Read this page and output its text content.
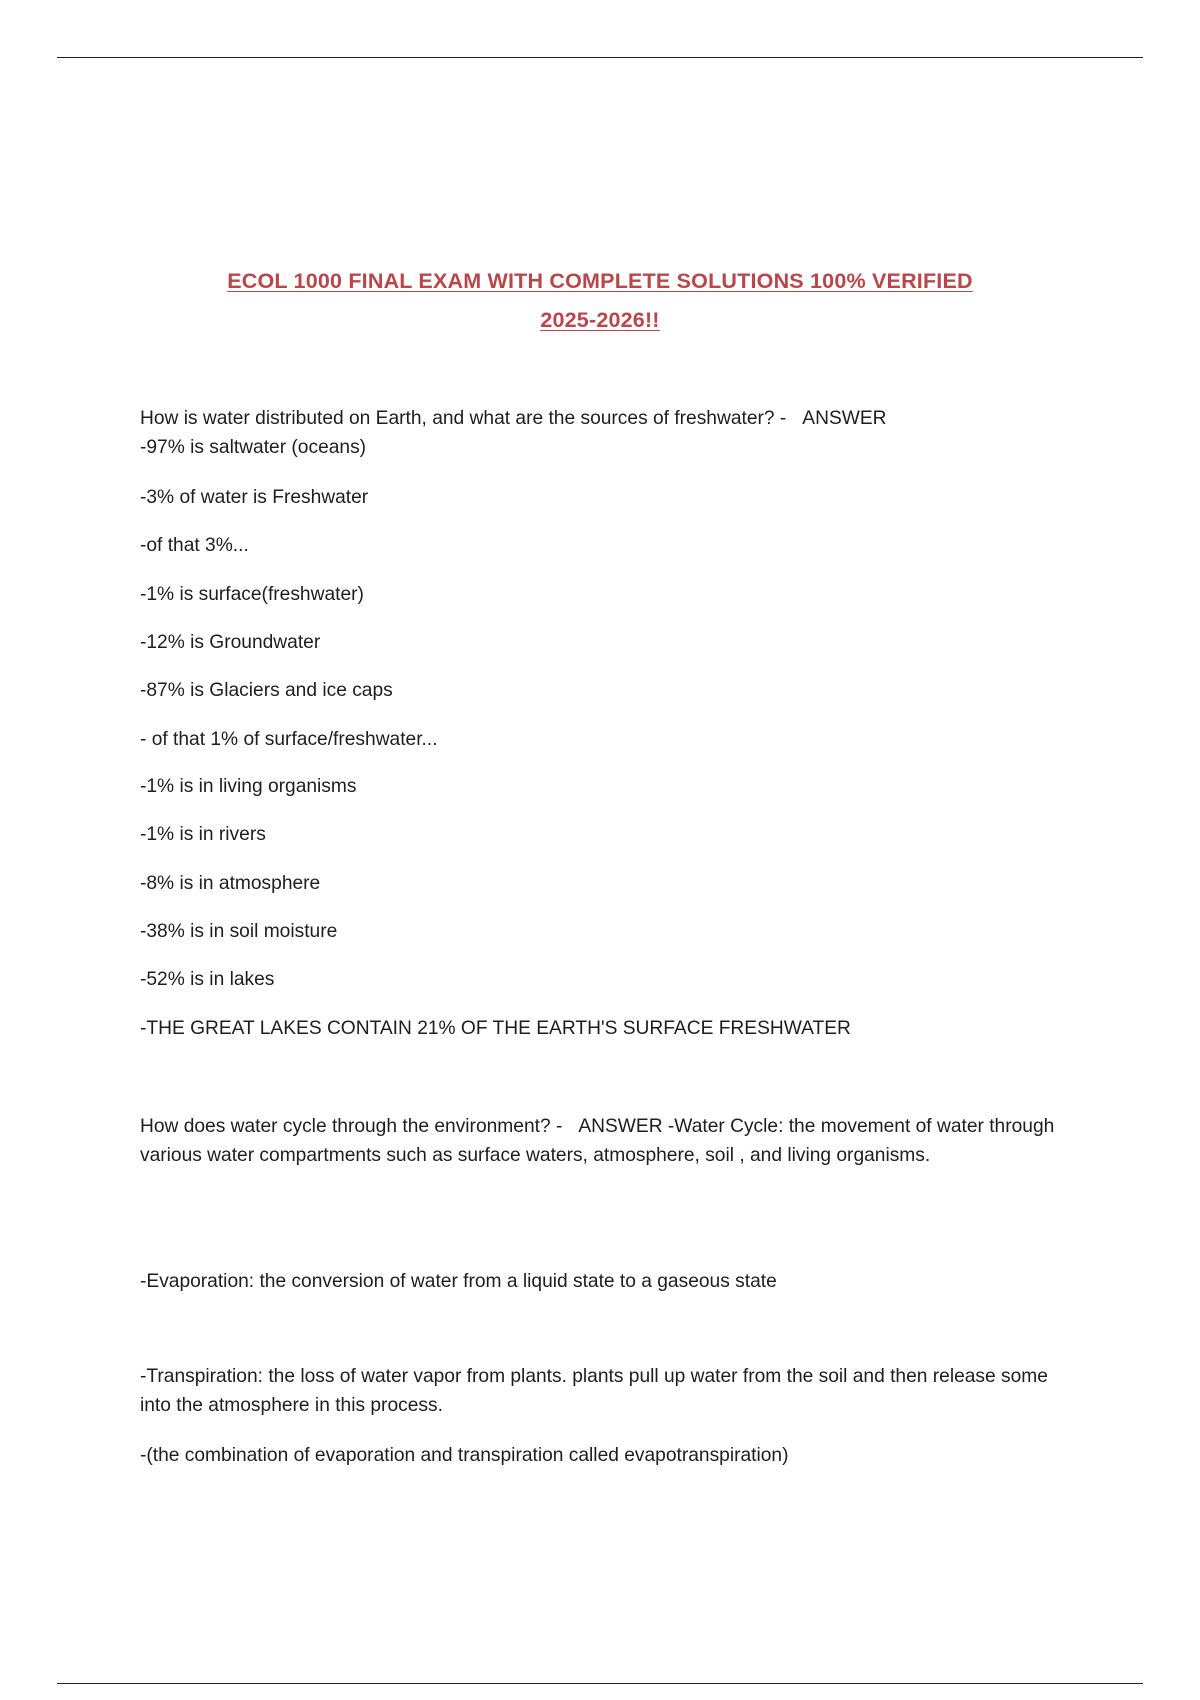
ECOL 1000 FINAL EXAM WITH COMPLETE SOLUTIONS 100% VERIFIED
2025-2026!!

How is water distributed on Earth, and what are the sources of freshwater? - ANSWER
-97% is saltwater (oceans)

-3% of water is Freshwater
-of that 3%...
-1% is surface(freshwater)
-12% is Groundwater
-87% is Glaciers and ice caps
- of that 1% of surface/freshwater...
-1% is in living organisms
-1% is in rivers
-8% is in atmosphere
-38% is in soil moisture
-52% is in lakes
-THE GREAT LAKES CONTAIN 21% OF THE EARTH'S SURFACE FRESHWATER

How does water cycle through the environment? - ANSWER -Water Cycle: the movement of water through various water compartments such as surface waters, atmosphere, soil , and living organisms.

-Evaporation: the conversion of water from a liquid state to a gaseous state

-Transpiration: the loss of water vapor from plants. plants pull up water from the soil and then release some into the atmosphere in this process.

-(the combination of evaporation and transpiration called evapotranspiration)
